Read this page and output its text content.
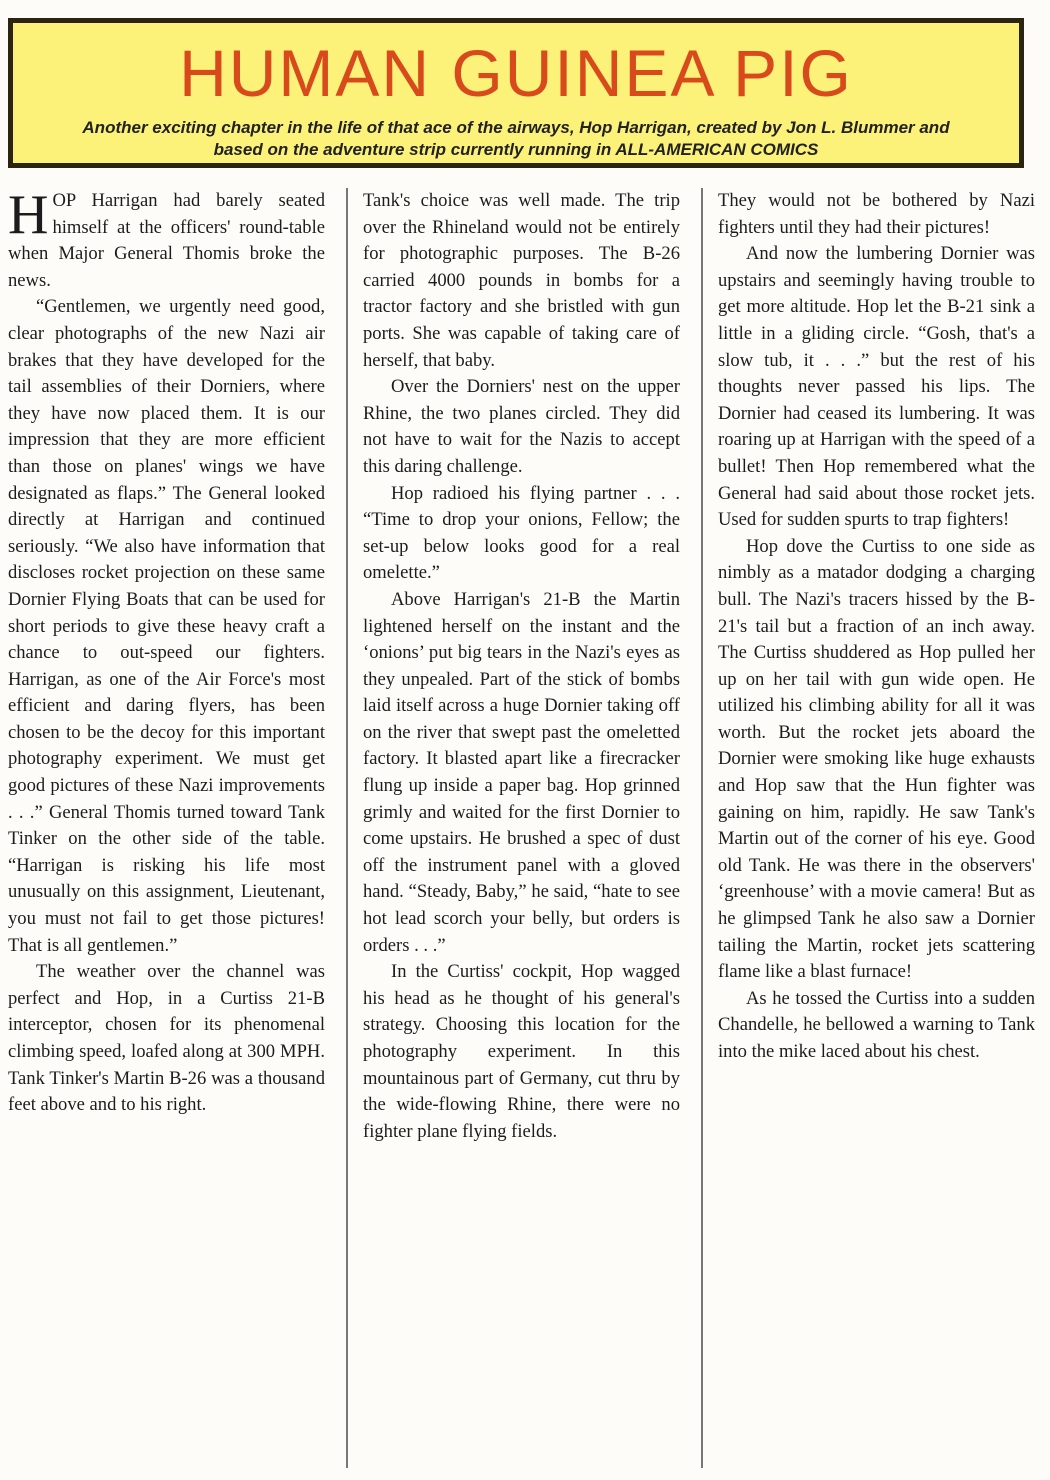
HUMAN GUINEA PIG
Another exciting chapter in the life of that ace of the airways, Hop Harrigan, created by Jon L. Blummer and based on the adventure strip currently running in ALL-AMERICAN COMICS

HOP Harrigan had barely seated himself at the officers' round-table when Major General Thomis broke the news.

“Gentlemen, we urgently need good, clear photographs of the new Nazi air brakes that they have developed for the tail assemblies of their Dorniers, where they have now placed them. It is our impression that they are more efficient than those on planes' wings we have designated as flaps.” The General looked directly at Harrigan and continued seriously. “We also have information that discloses rocket projection on these same Dornier Flying Boats that can be used for short periods to give these heavy craft a chance to out-speed our fighters. Harrigan, as one of the Air Force's most efficient and daring flyers, has been chosen to be the decoy for this important photography experiment. We must get good pictures of these Nazi improvements . . .” General Thomis turned toward Tank Tinker on the other side of the table. “Harrigan is risking his life most unusually on this assignment, Lieutenant, you must not fail to get those pictures! That is all gentlemen.”

The weather over the channel was perfect and Hop, in a Curtiss 21-B interceptor, chosen for its phenomenal climbing speed, loafed along at 300 MPH. Tank Tinker's Martin B-26 was a thousand feet above and to his right.

Tank's choice was well made. The trip over the Rhineland would not be entirely for photographic purposes. The B-26 carried 4000 pounds in bombs for a tractor factory and she bristled with gun ports. She was capable of taking care of herself, that baby.

Over the Dorniers' nest on the upper Rhine, the two planes circled. They did not have to wait for the Nazis to accept this daring challenge.

Hop radioed his flying partner . . . “Time to drop your onions, Fellow; the set-up below looks good for a real omelette.”

Above Harrigan's 21-B the Martin lightened herself on the instant and the ‘onions’ put big tears in the Nazi's eyes as they unpealed. Part of the stick of bombs laid itself across a huge Dornier taking off on the river that swept past the omeletted factory. It blasted apart like a firecracker flung up inside a paper bag. Hop grinned grimly and waited for the first Dornier to come upstairs. He brushed a spec of dust off the instrument panel with a gloved hand. “Steady, Baby,” he said, “hate to see hot lead scorch your belly, but orders is orders . . .”

In the Curtiss' cockpit, Hop wagged his head as he thought of his general's strategy. Choosing this location for the photography experiment. In this mountainous part of Germany, cut thru by the wide-flowing Rhine, there were no fighter plane flying fields.

They would not be bothered by Nazi fighters until they had their pictures!

And now the lumbering Dornier was upstairs and seemingly having trouble to get more altitude. Hop let the B-21 sink a little in a gliding circle. “Gosh, that's a slow tub, it . . .” but the rest of his thoughts never passed his lips. The Dornier had ceased its lumbering. It was roaring up at Harrigan with the speed of a bullet! Then Hop remembered what the General had said about those rocket jets. Used for sudden spurts to trap fighters!

Hop dove the Curtiss to one side as nimbly as a matador dodging a charging bull. The Nazi's tracers hissed by the B-21's tail but a fraction of an inch away. The Curtiss shuddered as Hop pulled her up on her tail with gun wide open. He utilized his climbing ability for all it was worth. But the rocket jets aboard the Dornier were smoking like huge exhausts and Hop saw that the Hun fighter was gaining on him, rapidly. He saw Tank's Martin out of the corner of his eye. Good old Tank. He was there in the observers' ‘greenhouse’ with a movie camera! But as he glimpsed Tank he also saw a Dornier tailing the Martin, rocket jets scattering flame like a blast furnace!

As he tossed the Curtiss into a sudden Chandelle, he bellowed a warning to Tank into the mike laced about his chest.
